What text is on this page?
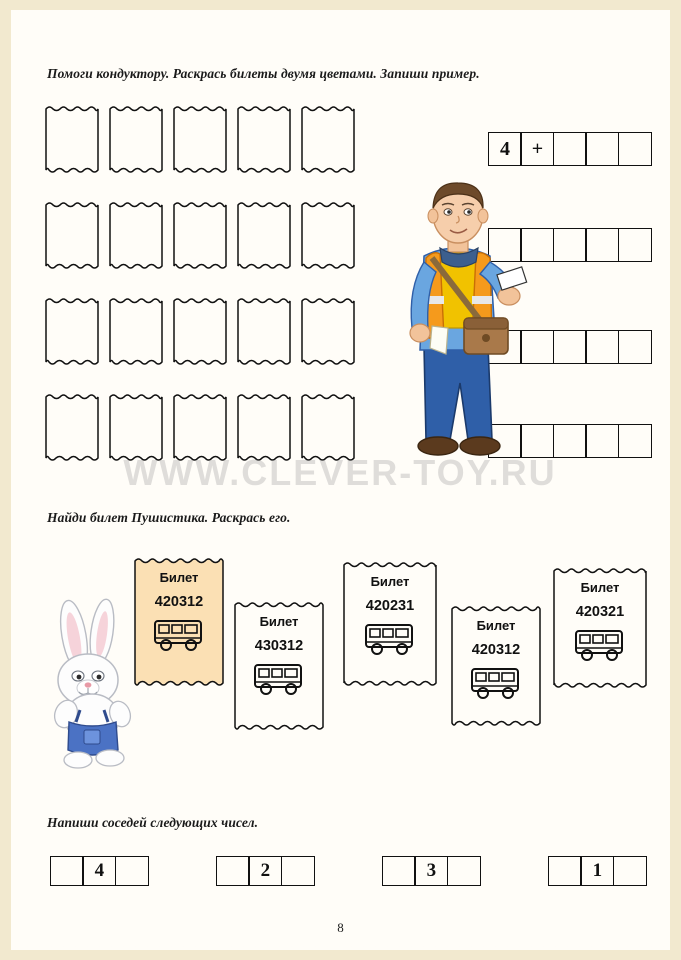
Помоги кондуктору. Раскрась билеты двумя цветами. Запиши пример.
4	+
WWW.CLEVER-TOY.RU
Найди билет Пушистика. Раскрась его.
Билет
420312
Билет
430312
Билет
420231
Билет
420312
Билет
420321
Напиши соседей следующих чисел.
4	2	3	1
8
